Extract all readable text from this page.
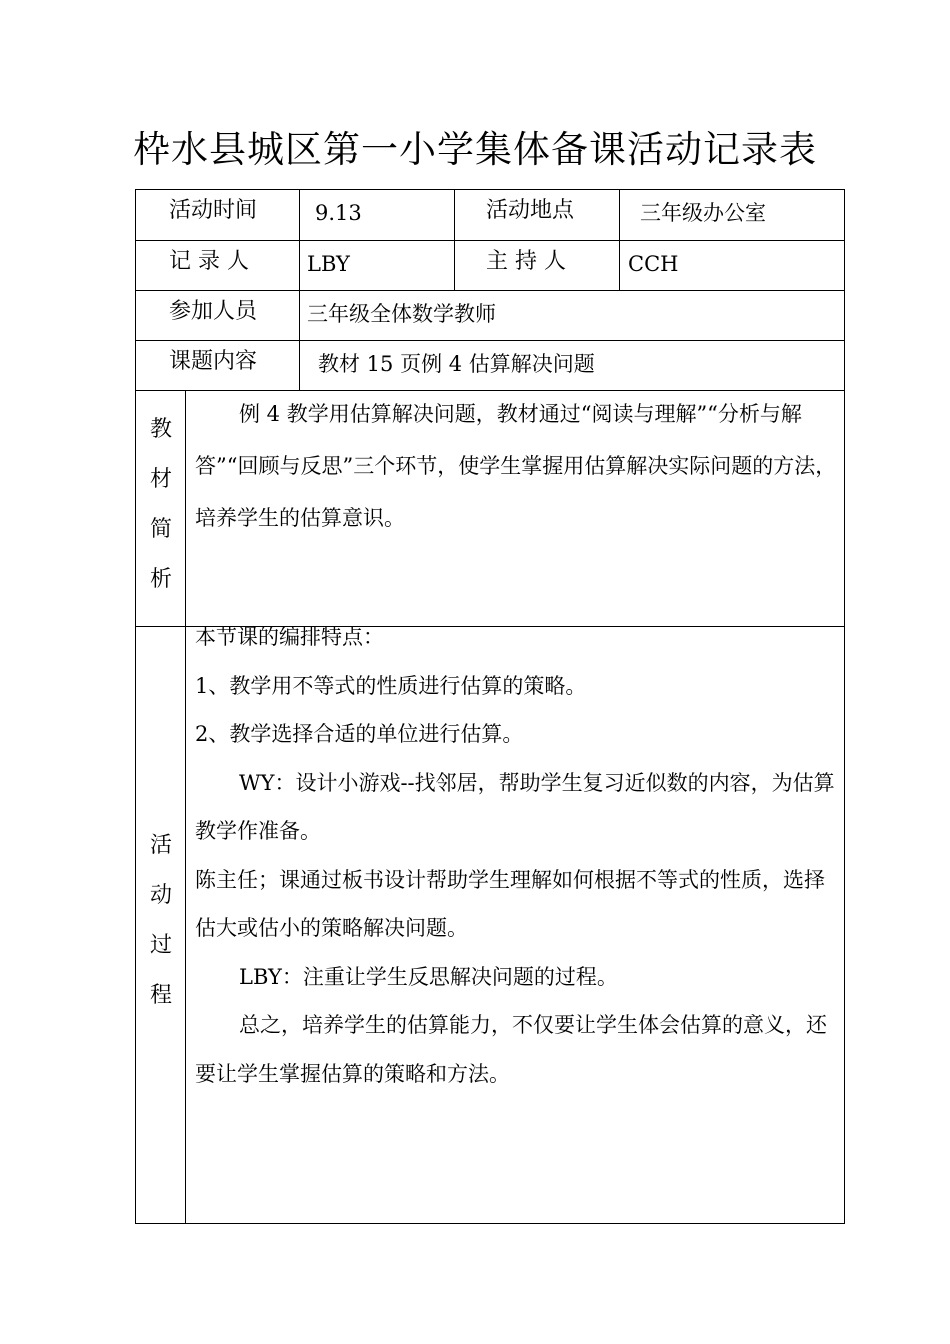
枠水县城区第一小学集体备课活动记录表
活动时间	9.13	活动地点	三年级办公室
记 录 人	LBY	主 持 人	CCH
参加人员 三年级全体数学教师
课题内容	教材 15 页例 4 估算解决问题
教
材
简
析

例 4 教学用估算解决问题，教材通过“阅读与理解”“分析与解答”“回顾与反思”三个环节，使学生掌握用估算解决实际问题的方法，培养学生的估算意识。

活
动
过
程

本节课的编排特点：

1、教学用不等式的性质进行估算的策略。

2、教学选择合适的单位进行估算。

WY：设计小游戏--找邻居，帮助学生复习近似数的内容，为估算教学作准备。

陈主任；课通过板书设计帮助学生理解如何根据不等式的性质，选择估大或估小的策略解决问题。

LBY：注重让学生反思解决问题的过程。

总之，培养学生的估算能力，不仅要让学生体会估算的意义，还要让学生掌握估算的策略和方法。
